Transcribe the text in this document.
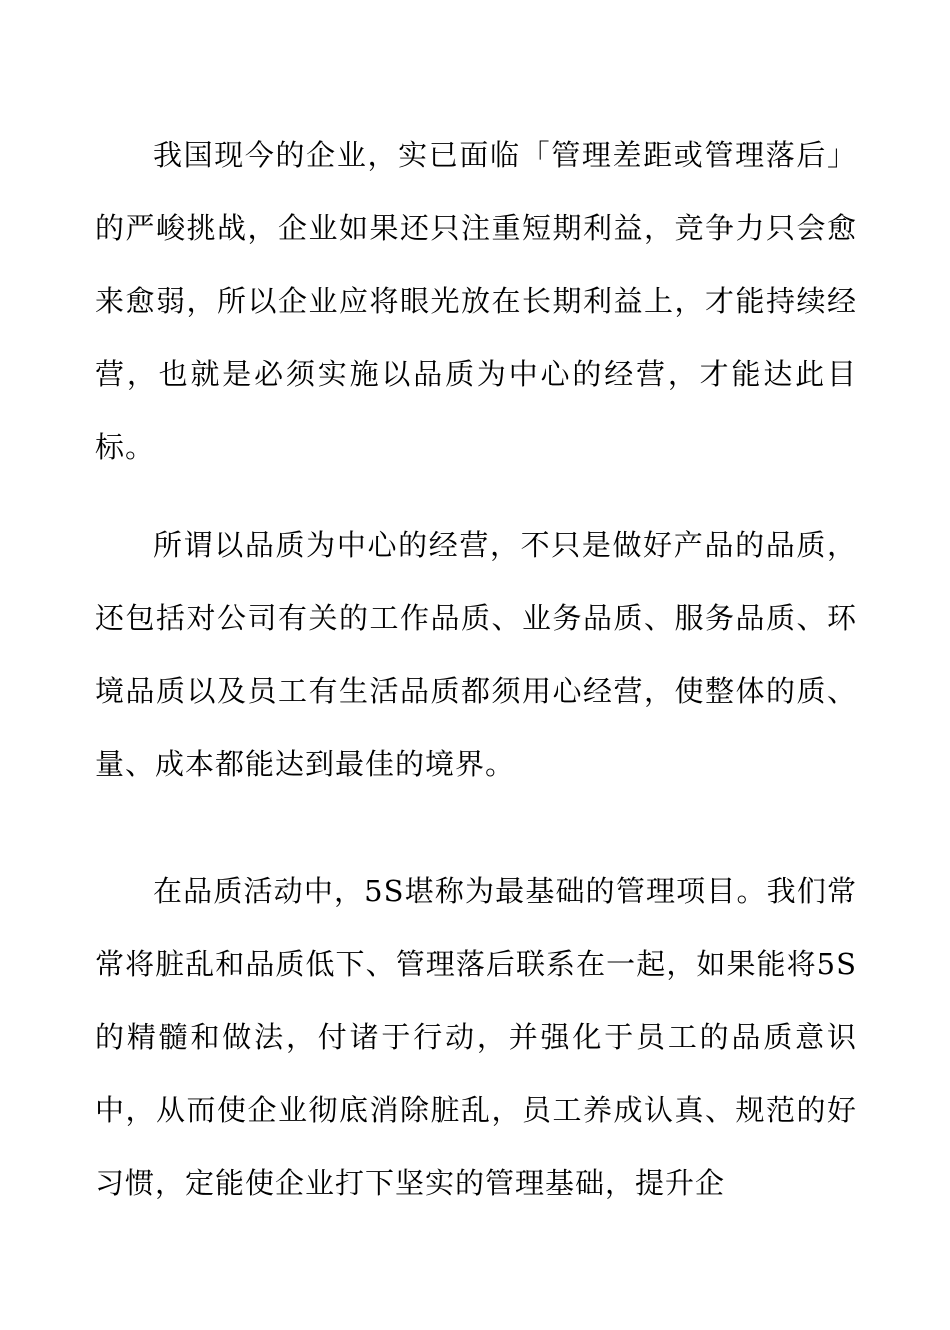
我国现今的企业，实已面临「管理差距或管理落后」的严峻挑战，企业如果还只注重短期利益，竞争力只会愈来愈弱，所以企业应将眼光放在长期利益上，才能持续经营，也就是必须实施以品质为中心的经营，才能达此目标。

所谓以品质为中心的经营，不只是做好产品的品质，还包括对公司有关的工作品质、业务品质、服务品质、环境品质以及员工有生活品质都须用心经营，使整体的质、量、成本都能达到最佳的境界。

在品质活动中，5S堪称为最基础的管理项目。我们常常将脏乱和品质低下、管理落后联系在一起，如果能将5S的精髓和做法，付诸于行动，并强化于员工的品质意识中，从而使企业彻底消除脏乱，员工养成认真、规范的好习惯，定能使企业打下坚实的管理基础，提升企
